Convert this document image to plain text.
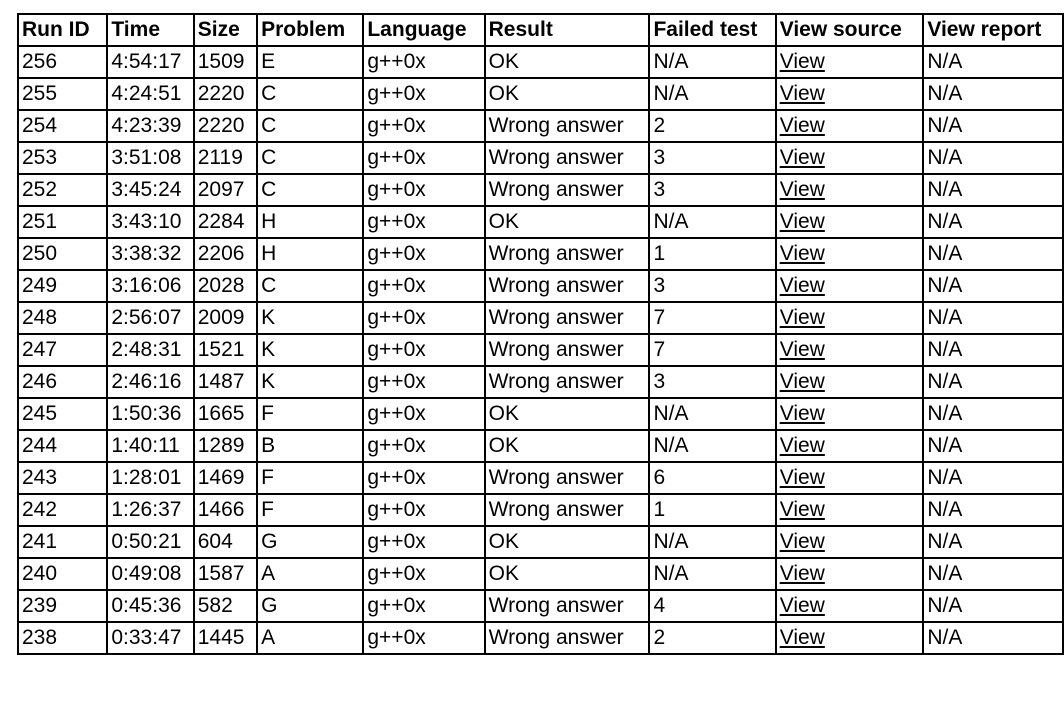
Run ID	Time	Size	Problem	Language	Result	Failed test	View source	View report
256	4:54:17	1509	E	g++0x	OK	N/A	View	N/A
255	4:24:51	2220	C	g++0x	OK	N/A	View	N/A
254	4:23:39	2220	C	g++0x	Wrong answer	2	View	N/A
253	3:51:08	2119	C	g++0x	Wrong answer	3	View	N/A
252	3:45:24	2097	C	g++0x	Wrong answer	3	View	N/A
251	3:43:10	2284	H	g++0x	OK	N/A	View	N/A
250	3:38:32	2206	H	g++0x	Wrong answer	1	View	N/A
249	3:16:06	2028	C	g++0x	Wrong answer	3	View	N/A
248	2:56:07	2009	K	g++0x	Wrong answer	7	View	N/A
247	2:48:31	1521	K	g++0x	Wrong answer	7	View	N/A
246	2:46:16	1487	K	g++0x	Wrong answer	3	View	N/A
245	1:50:36	1665	F	g++0x	OK	N/A	View	N/A
244	1:40:11	1289	B	g++0x	OK	N/A	View	N/A
243	1:28:01	1469	F	g++0x	Wrong answer	6	View	N/A
242	1:26:37	1466	F	g++0x	Wrong answer	1	View	N/A
241	0:50:21	604	G	g++0x	OK	N/A	View	N/A
240	0:49:08	1587	A	g++0x	OK	N/A	View	N/A
239	0:45:36	582	G	g++0x	Wrong answer	4	View	N/A
238	0:33:47	1445	A	g++0x	Wrong answer	2	View	N/A
